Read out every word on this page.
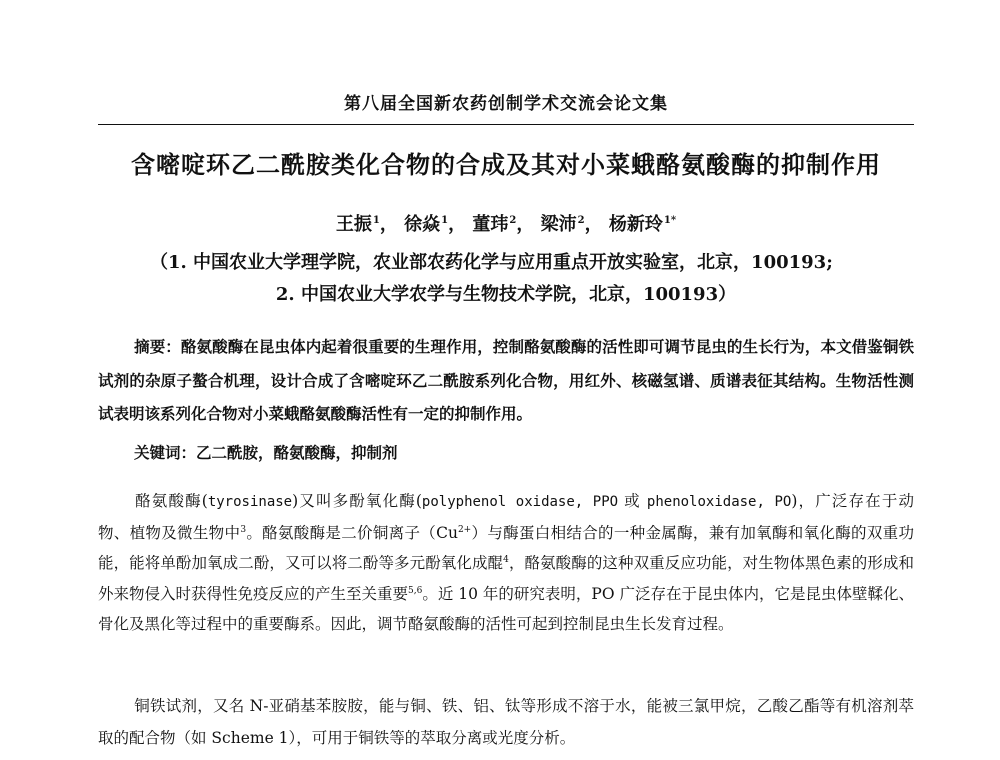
第八届全国新农药创制学术交流会论文集
含嘧啶环乙二酰胺类化合物的合成及其对小菜蛾酪氨酸酶的抑制作用
王振$^1$， 徐焱$^1$， 董玮$^2$， 梁沛$^2$， 杨新玲$^{1*}$
（1. 中国农业大学理学院，农业部农药化学与应用重点开放实验室，北京，100193;
2. 中国农业大学农学与生物技术学院，北京，100193）
摘要：酪氨酸酶在昆虫体内起着很重要的生理作用，控制酪氨酸酶的活性即可调节昆虫的生长行为，本文借鉴铜铁试剂的杂原子螯合机理，设计合成了含嘧啶环乙二酰胺系列化合物，用红外、核磁氢谱、质谱表征其结构。生物活性测试表明该系列化合物对小菜蛾酪氨酸酶活性有一定的抑制作用。
关键词：乙二酰胺，酪氨酸酶，抑制剂
酪氨酸酶(tyrosinase)又叫多酚氧化酶(polyphenol oxidase, PPO 或 phenoloxidase, PO)，广泛存在于动物、植物及微生物中$^3$。酪氨酸酶是二价铜离子（Cu$^{2+}$）与酶蛋白相结合的一种金属酶，兼有加氧酶和氧化酶的双重功能，能将单酚加氧成二酚，又可以将二酚等多元酚氧化成醌$^4$，酪氨酸酶的这种双重反应功能，对生物体黑色素的形成和外来物侵入时获得性免疫反应的产生至关重要$^{5,6}$。近 10 年的研究表明，PO 广泛存在于昆虫体内，它是昆虫体壁鞣化、骨化及黑化等过程中的重要酶系。因此，调节酪氨酸酶的活性可起到控制昆虫生长发育过程。
铜铁试剂，又名 N-亚硝基苯胺胺，能与铜、铁、铝、钛等形成不溶于水，能被三氯甲烷，乙酸乙酯等有机溶剂萃取的配合物（如 Scheme 1），可用于铜铁等的萃取分离或光度分析。
